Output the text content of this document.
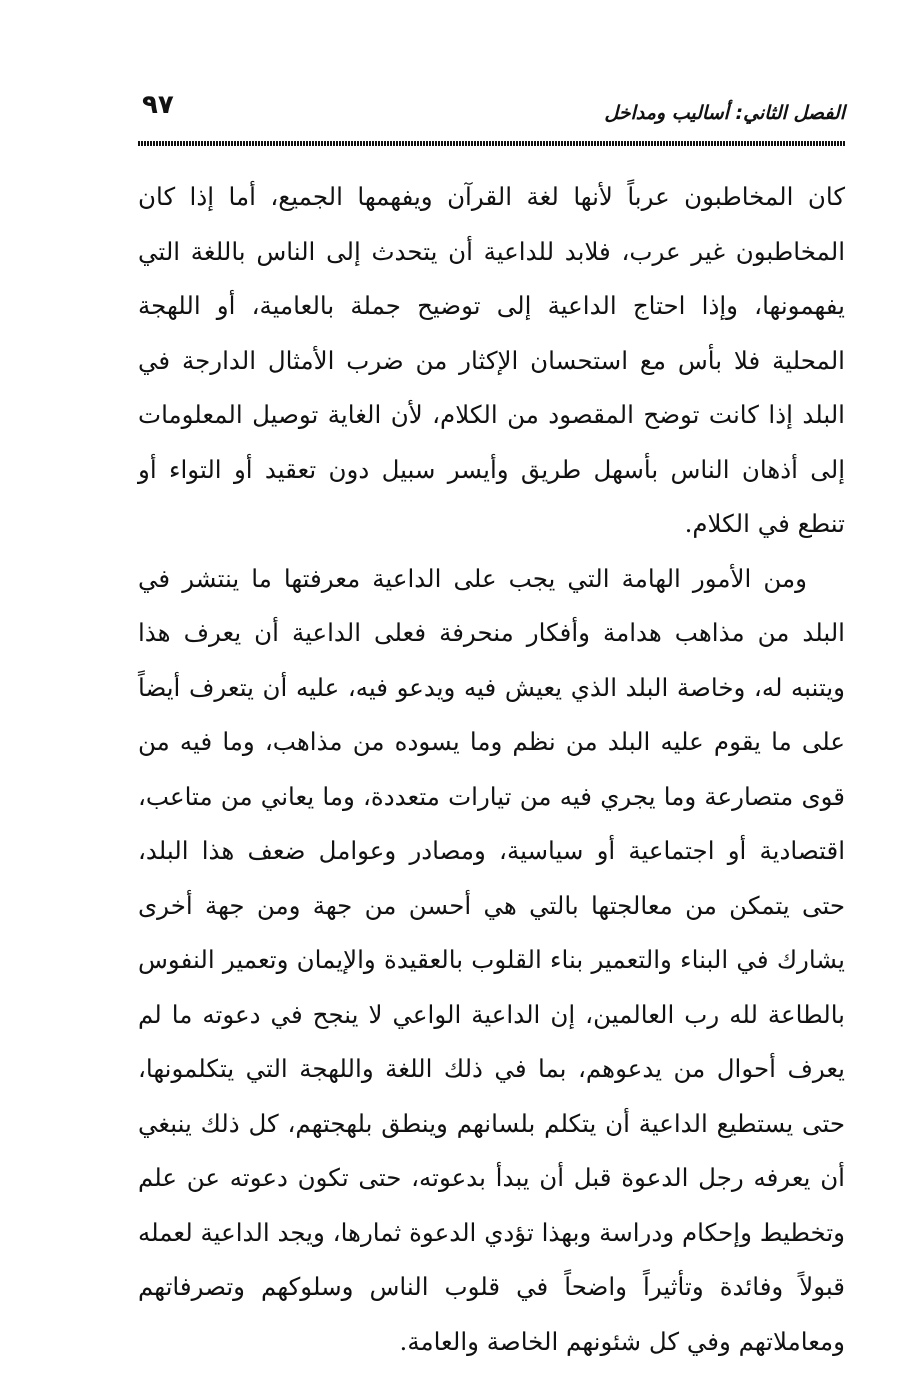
الفصل الثاني: أساليب ومداخل
٩٧

كان المخاطبون عرباً لأنها لغة القرآن ويفهمها الجميع، أما إذا كان المخاطبون غير عرب، فلابد للداعية أن يتحدث إلى الناس باللغة التي يفهمونها، وإذا احتاج الداعية إلى توضيح جملة بالعامية، أو اللهجة المحلية فلا بأس مع استحسان الإكثار من ضرب الأمثال الدارجة في البلد إذا كانت توضح المقصود من الكلام، لأن الغاية توصيل المعلومات إلى أذهان الناس بأسهل طريق وأيسر سبيل دون تعقيد أو التواء أو تنطع في الكلام.

ومن الأمور الهامة التي يجب على الداعية معرفتها ما ينتشر في البلد من مذاهب هدامة وأفكار منحرفة فعلى الداعية أن يعرف هذا ويتنبه له، وخاصة البلد الذي يعيش فيه ويدعو فيه، عليه أن يتعرف أيضاً على ما يقوم عليه البلد من نظم وما يسوده من مذاهب، وما فيه من قوى متصارعة وما يجري فيه من تيارات متعددة، وما يعاني من متاعب، اقتصادية أو اجتماعية أو سياسية، ومصادر وعوامل ضعف هذا البلد، حتى يتمكن من معالجتها بالتي هي أحسن من جهة ومن جهة أخرى يشارك في البناء والتعمير بناء القلوب بالعقيدة والإيمان وتعمير النفوس بالطاعة لله رب العالمين، إن الداعية الواعي لا ينجح في دعوته ما لم يعرف أحوال من يدعوهم، بما في ذلك اللغة واللهجة التي يتكلمونها، حتى يستطيع الداعية أن يتكلم بلسانهم وينطق بلهجتهم، كل ذلك ينبغي أن يعرفه رجل الدعوة قبل أن يبدأ بدعوته، حتى تكون دعوته عن علم وتخطيط وإحكام ودراسة وبهذا تؤدي الدعوة ثمارها، ويجد الداعية لعمله قبولاً وفائدة وتأثيراً واضحاً في قلوب الناس وسلوكهم وتصرفاتهم ومعاملاتهم وفي كل شئونهم الخاصة والعامة.
